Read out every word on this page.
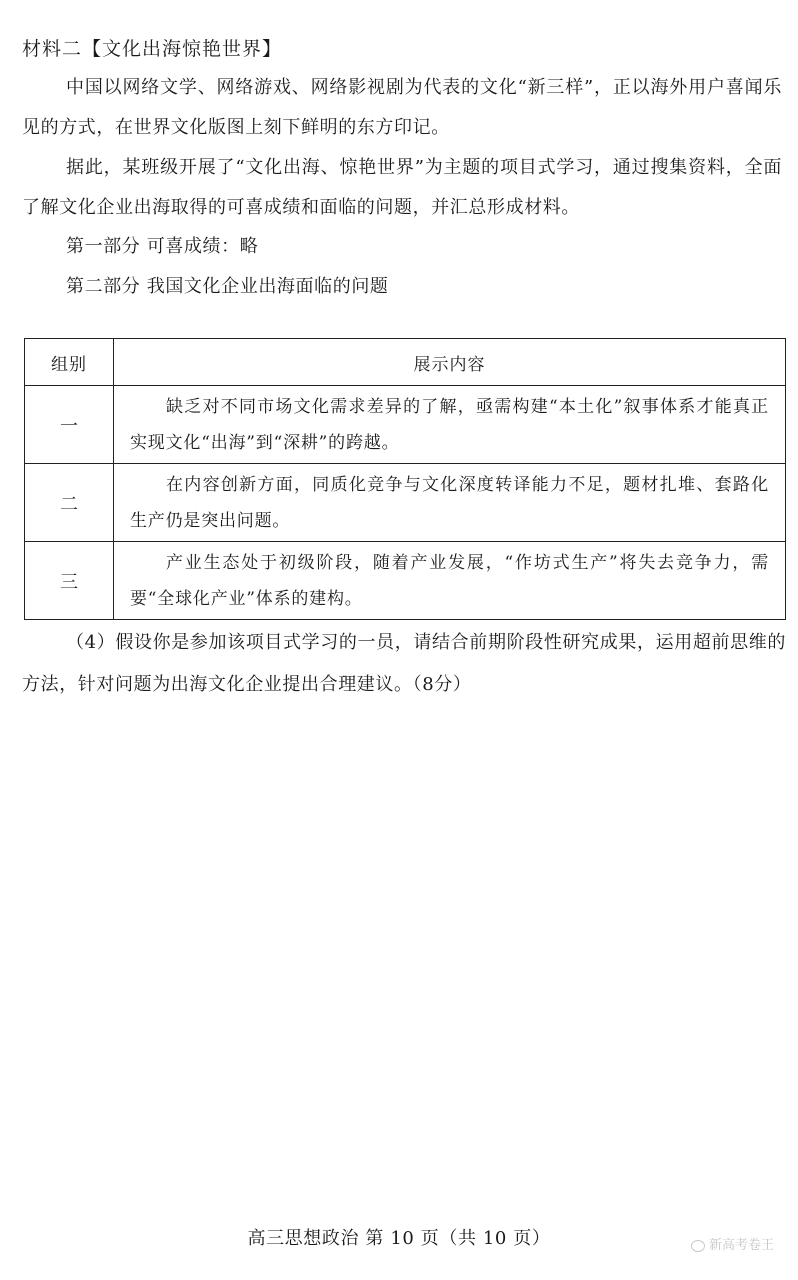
材料二【文化出海惊艳世界】
中国以网络文学、网络游戏、网络影视剧为代表的文化“新三样”，正以海外用户喜闻乐见的方式，在世界文化版图上刻下鲜明的东方印记。
据此，某班级开展了“文化出海、惊艳世界”为主题的项目式学习，通过搜集资料，全面了解文化企业出海取得的可喜成绩和面临的问题，并汇总形成材料。
第一部分 可喜成绩：略
第二部分 我国文化企业出海面临的问题
组别	展示内容
一	缺乏对不同市场文化需求差异的了解，亟需构建“本土化”叙事体系才能真正实现文化“出海”到“深耕”的跨越。
二	在内容创新方面，同质化竞争与文化深度转译能力不足，题材扎堆、套路化生产仍是突出问题。
三	产业生态处于初级阶段，随着产业发展，“作坊式生产”将失去竞争力，需要“全球化产业”体系的建构。
（4）假设你是参加该项目式学习的一员，请结合前期阶段性研究成果，运用超前思维的方法，针对问题为出海文化企业提出合理建议。（8分）
高三思想政治 第 10 页（共 10 页）	新高考卷王
